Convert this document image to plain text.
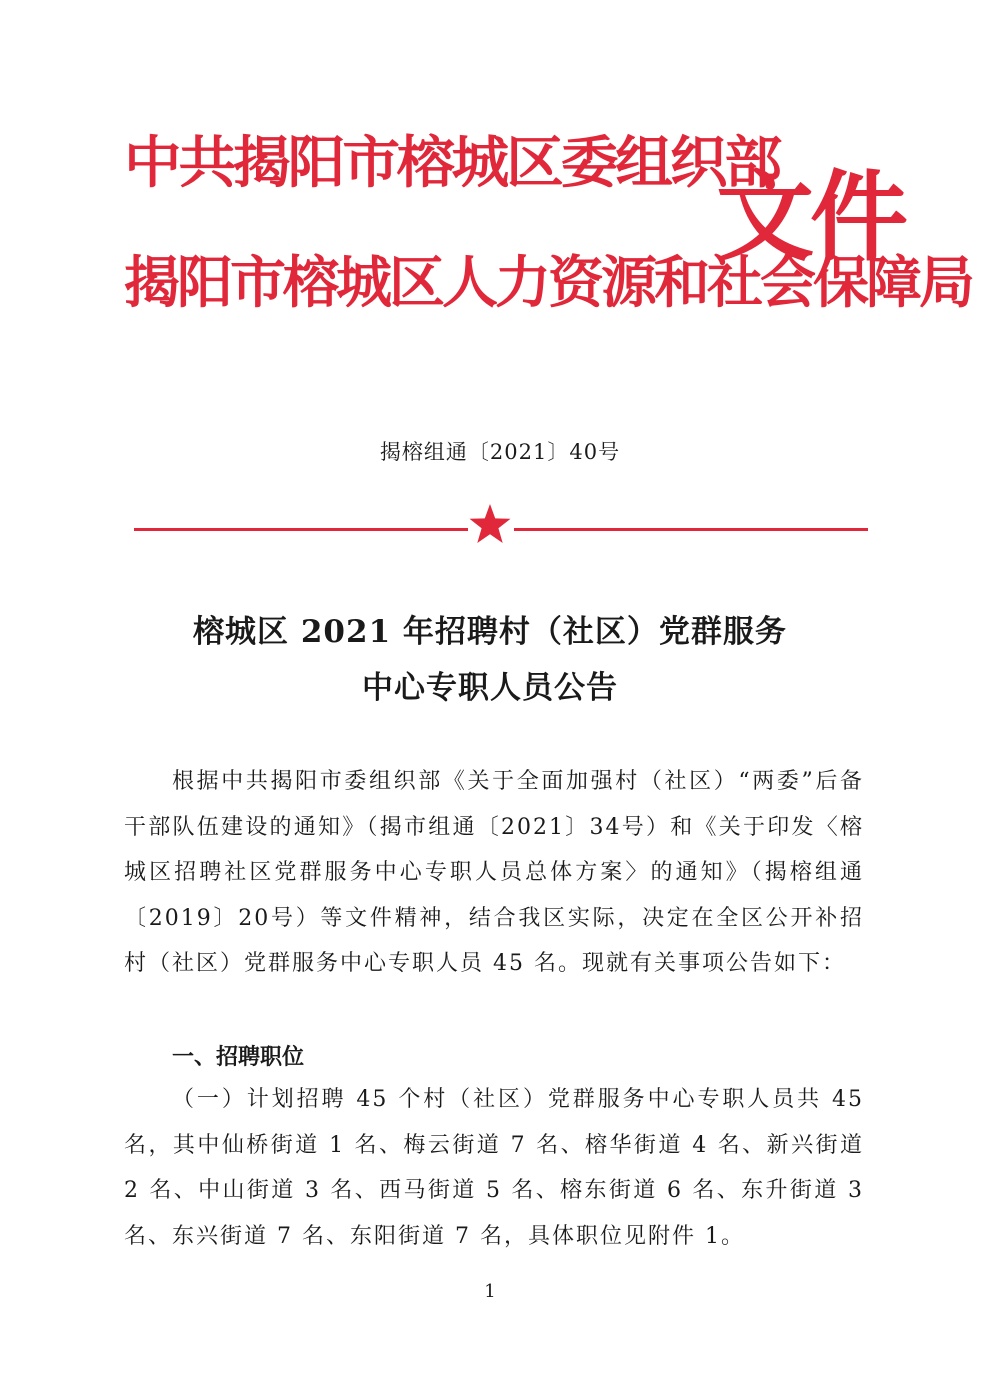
中共揭阳市榕城区委组织部
揭阳市榕城区人力资源和社会保障局
文件
揭榕组通〔2021〕40号
榕城区 2021 年招聘村（社区）党群服务
中心专职人员公告
根据中共揭阳市委组织部《关于全面加强村（社区）“两委”后备干部队伍建设的通知》（揭市组通〔2021〕34号）和《关于印发〈榕城区招聘社区党群服务中心专职人员总体方案〉的通知》（揭榕组通〔2019〕20号）等文件精神，结合我区实际，决定在全区公开补招村（社区）党群服务中心专职人员 45 名。现就有关事项公告如下：
一、招聘职位
（一）计划招聘 45 个村（社区）党群服务中心专职人员共 45 名，其中仙桥街道 1 名、梅云街道 7 名、榕华街道 4 名、新兴街道 2 名、中山街道 3 名、西马街道 5 名、榕东街道 6 名、东升街道 3 名、东兴街道 7 名、东阳街道 7 名，具体职位见附件 1。
1
